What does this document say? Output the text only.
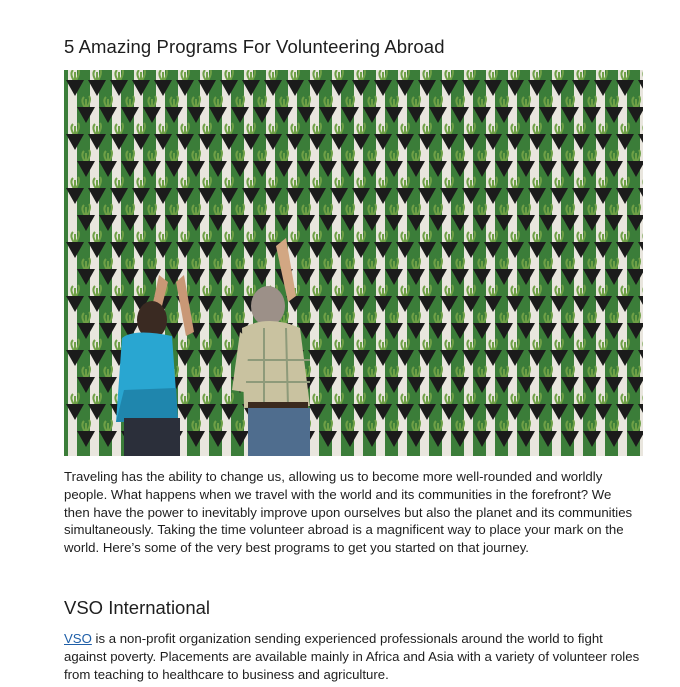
5 Amazing Programs For Volunteering Abroad

Traveling has the ability to change us, allowing us to become more well-rounded and worldly people. What happens when we travel with the world and its communities in the forefront? We then have the power to inevitably improve upon ourselves but also the planet and its communities simultaneously. Taking the time volunteer abroad is a magnificent way to place your mark on the world. Here’s some of the very best programs to get you started on that journey.

VSO International

VSO is a non-profit organization sending experienced professionals around the world to fight against poverty. Placements are available mainly in Africa and Asia with a variety of volunteer roles from teaching to healthcare to business and agriculture.
